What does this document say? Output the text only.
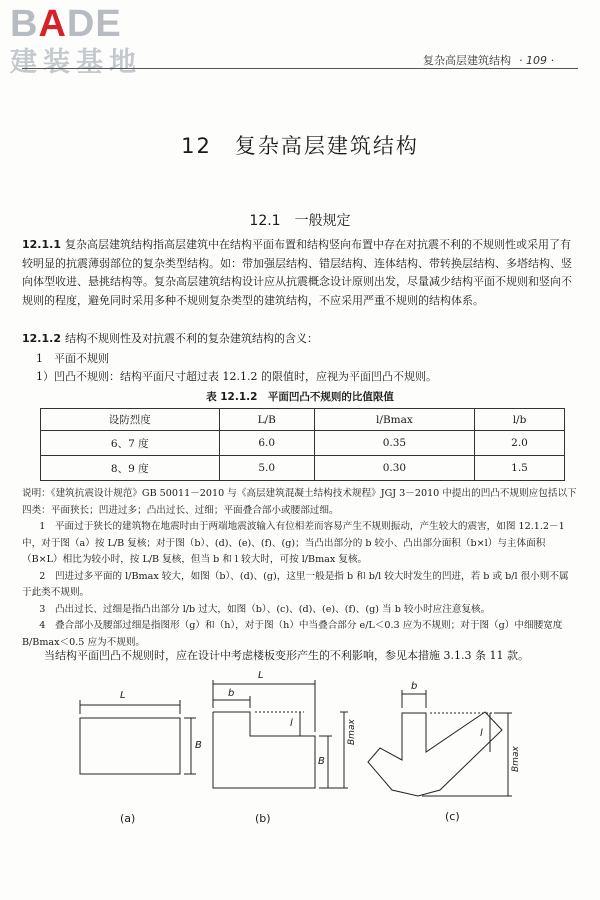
BADE
建装基地	复杂高层建筑结构 · 109 ·
12　复杂高层建筑结构
12.1　一般规定
12.1.1 复杂高层建筑结构指高层建筑中在结构平面布置和结构竖向布置中存在对抗震不利的不规则性或采用了有较明显的抗震薄弱部位的复杂类型结构。如：带加强层结构、错层结构、连体结构、带转换层结构、多塔结构、竖向体型收进、悬挑结构等。复杂高层建筑结构设计应从抗震概念设计原则出发，尽量减少结构平面不规则和竖向不规则的程度，避免同时采用多种不规则复杂类型的建筑结构，不应采用严重不规则的结构体系。
12.1.2 结构不规则性及对抗震不利的复杂建筑结构的含义：
1　平面不规则
1）凹凸不规则：结构平面尺寸超过表 12.1.2 的限值时，应视为平面凹凸不规则。
表 12.1.2　平面凹凸不规则的比值限值
设防烈度	L/B	l/Bmax	l/b
6、7 度	6.0	0.35	2.0
8、9 度	5.0	0.30	1.5
说明：《建筑抗震设计规范》GB 50011－2010 与《高层建筑混凝土结构技术规程》JGJ 3－2010 中提出的凹凸不规则应包括以下四类：平面狭长；凹进过多；凸出过长、过细；平面叠合部小或腰部过细。
1　平面过于狭长的建筑物在地震时由于两端地震波输入有位相差而容易产生不规则振动，产生较大的震害，如图 12.1.2－1 中，对于图（a）按 L/B 复核；对于图（b）、(d)、(e)、(f)、(g)；当凸出部分的 b 较小、凸出部分面积（b×l）与主体面积（B×L）相比为较小时，按 L/B 复核，但当 b 和 l 较大时，可按 l/Bmax 复核。
2　凹进过多平面的 l/Bmax 较大，如图（b）、(d)、(g)，这里一般是指 b 和 b/l 较大时发生的凹进，若 b 或 b/l 很小则不属于此类不规则。
3　凸出过长、过细是指凸出部分 l/b 过大，如图（b）、(c)、(d)、(e)、(f)、(g) 当 b 较小时应注意复核。
4　叠合部小及腰部过细是指图形（g）和（h），对于图（h）中当叠合部分 e/L＜0.3 应为不规则；对于图（g）中细腰宽度 B/Bmax＜0.5 应为不规则。
当结构平面凹凸不规则时，应在设计中考虑楼板变形产生的不利影响，参见本措施 3.1.3 条 11 款。
L
B
L
b
l
B
Bmax
b
l
Bmax
(a)	(b)	(c)
